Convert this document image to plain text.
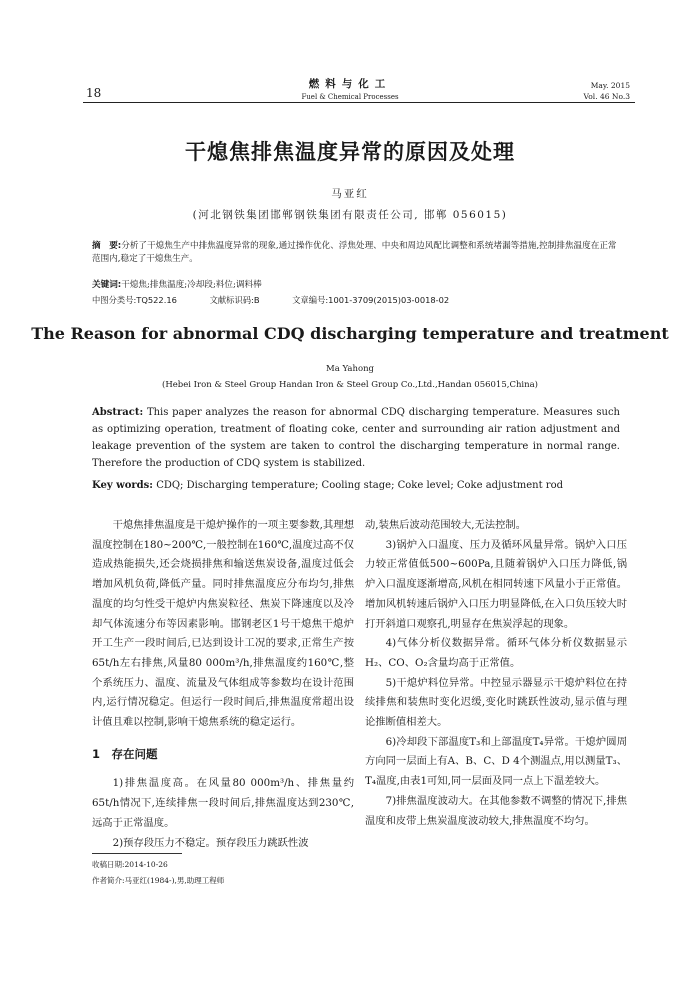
18
燃料与化工
Fuel & Chemical Processes
May. 2015
Vol. 46 No.3
干熄焦排焦温度异常的原因及处理
马亚红
(河北钢铁集团邯郸钢铁集团有限责任公司, 邯郸 056015)
摘　要:分析了干熄焦生产中排焦温度异常的现象,通过操作优化、浮焦处理、中央和周边风配比调整和系统堵漏等措施,控制排焦温度在正常范围内,稳定了干熄焦生产。
关键词:干熄焦;排焦温度;冷却段;料位;调料棒
中图分类号:TQ522.16	文献标识码:B	文章编号:1001-3709(2015)03-0018-02
The Reason for abnormal CDQ discharging temperature and treatment
Ma Yahong
(Hebei Iron & Steel Group Handan Iron & Steel Group Co.,Ltd.,Handan 056015,China)
Abstract: This paper analyzes the reason for abnormal CDQ discharging temperature. Measures such as optimizing operation, treatment of floating coke, center and surrounding air ration adjustment and leakage prevention of the system are taken to control the discharging temperature in normal range. Therefore the production of CDQ system is stabilized.
Key words: CDQ; Discharging temperature; Cooling stage; Coke level; Coke adjustment rod

干熄焦排焦温度是干熄炉操作的一项主要参数,其理想温度控制在180~200℃,一般控制在160℃,温度过高不仅造成热能损失,还会烧损排焦和输送焦炭设备,温度过低会增加风机负荷,降低产量。同时排焦温度应分布均匀,排焦温度的均匀性受干熄炉内焦炭粒径、焦炭下降速度以及冷却气体流速分布等因素影响。邯钢老区1号干熄焦干熄炉开工生产一段时间后,已达到设计工况的要求,正常生产按65t/h左右排焦,风量80 000m³/h,排焦温度约160℃,整个系统压力、温度、流量及气体组成等参数均在设计范围内,运行情况稳定。但运行一段时间后,排焦温度常超出设计值且难以控制,影响干熄焦系统的稳定运行。

1　存在问题

1)排焦温度高。在风量80 000m³/h、排焦量约65t/h情况下,连续排焦一段时间后,排焦温度达到230℃,远高于正常温度。

2)预存段压力不稳定。预存段压力跳跃性波

动,装焦后波动范围较大,无法控制。

3)锅炉入口温度、压力及循环风量异常。锅炉入口压力较正常值低500~600Pa,且随着锅炉入口压力降低,锅炉入口温度逐渐增高,风机在相同转速下风量小于正常值。增加风机转速后锅炉入口压力明显降低,在入口负压较大时打开斜道口观察孔,明显存在焦炭浮起的现象。

4)气体分析仪数据异常。循环气体分析仪数据显示H₂、CO、O₂含量均高于正常值。

5)干熄炉料位异常。中控显示器显示干熄炉料位在持续排焦和装焦时变化迟缓,变化时跳跃性波动,显示值与理论推断值相差大。

6)冷却段下部温度T₃和上部温度T₄异常。干熄炉圆周方向同一层面上有A、B、C、D 4个测温点,用以测量T₃、T₄温度,由表1可知,同一层面及同一点上下温差较大。

7)排焦温度波动大。在其他参数不调整的情况下,排焦温度和皮带上焦炭温度波动较大,排焦温度不均匀。

收稿日期:2014-10-26
作者简介:马亚红(1984-),男,助理工程师
